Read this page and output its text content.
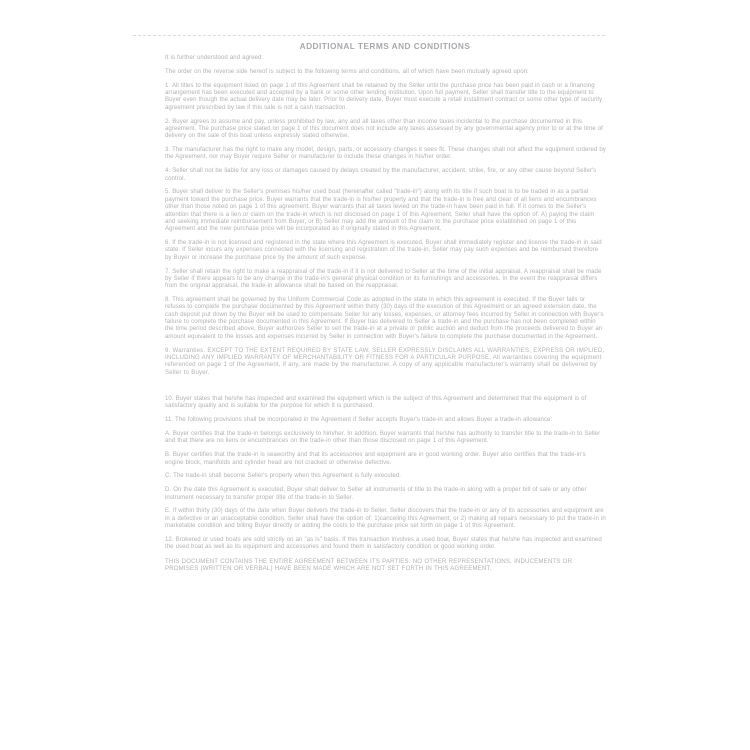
ADDITIONAL TERMS AND CONDITIONS

It is further understood and agreed:

The order on the reverse side hereof is subject to the following terms and conditions, all of which have been mutually agreed upon:

1. All titles to the equipment listed on page 1 of this Agreement shall be retained by the Seller until the purchase price has been paid in cash or a financing arrangement has been executed and accepted by a bank or some other lending institution. Upon full payment, Seller shall transfer title to the equipment to Buyer even though the actual delivery date may be later. Prior to delivery date, Buyer must execute a retail installment contract or some other type of security agreement prescribed by law if this sale is not a cash transaction.

2. Buyer agrees to assume and pay, unless prohibited by law, any and all taxes other than income taxes incidental to the purchase documented in this agreement. The purchase price stated on page 1 of this document does not include any taxes assessed by any governmental agency prior to or at the time of delivery on the sale of this boat unless expressly stated otherwise.

3. The manufacturer has the right to make any model, design, parts, or accessory changes it sees fit. These changes shall not affect the equipment ordered by the Agreement, nor may Buyer require Seller or manufacturer to include these changes in his/her order.

4. Seller shall not be liable for any loss or damages caused by delays created by the manufacturer, accident, strike, fire, or any other cause beyond Seller's control.

5. Buyer shall deliver to the Seller's premises his/her used boat (hereinafter called "trade-in") along with its title if such boat is to be traded in as a partial payment toward the purchase price. Buyer warrants that the trade-in is his/her property and that the trade-in is free and clear of all liens and encumbrances other than those noted on page 1 of this agreement. Buyer warrants that all taxes levied on the trade-in have been paid in full. If it comes to the Seller's attention that there is a lien or claim on the trade-in which is not disclosed on page 1 of this Agreement, Seller shall have the option of: A) paying the claim and seeking immediate reimbursement from Buyer, or B) Seller may add the amount of the claim to the purchase price established on page 1 of this Agreement and the new purchase price will be incorporated as if originally stated in this Agreement.

6. If the trade-in is not licensed and registered in the state where this Agreement is executed, Buyer shall immediately register and license the trade-in in said state. If Seller incurs any expenses connected with the licensing and registration of the trade-in, Seller may pay such expenses and be reimbursed therefore by Buyer or increase the purchase price by the amount of such expense.

7. Seller shall retain the right to make a reappraisal of the trade-in if it is not delivered to Seller at the time of the initial appraisal. A reappraisal shall be made by Seller if there appears to be any change in the trade-in's general physical condition or its furnishings and accessories. In the event the reappraisal differs from the original appraisal, the trade-in allowance shall be based on the reappraisal.

8. This agreement shall be governed by the Uniform Commercial Code as adopted in the state in which this agreement is executed. If the Buyer fails or refuses to complete the purchase documented by this Agreement within thirty (30) days of the execution of this Agreement or an agreed extension date, the cash deposit put down by the Buyer will be used to compensate Seller for any losses, expenses, or attorney fees incurred by Seller in connection with Buyer's failure to complete the purchase documented in this Agreement. If Buyer has delivered to Seller a trade-in and the purchase has not been completed within the time period described above, Buyer authorizes Seller to sell the trade-in at a private or public auction and deduct from the proceeds delivered to Buyer an amount equivalent to the losses and expenses incurred by Seller in connection with Buyer's failure to complete the purchase documented in the Agreement.

9. Warranties. EXCEPT TO THE EXTENT REQUIRED BY STATE LAW, SELLER EXPRESSLY DISCLAIMS ALL WARRANTIES, EXPRESS OR IMPLIED, INCLUDING ANY IMPLIED WARRANTY OF MERCHANTABILITY OR FITNESS FOR A PARTICULAR PURPOSE. All warranties covering the equipment referenced on page 1 of the Agreement, if any, are made by the manufacturer. A copy of any applicable manufacturer's warranty shall be delivered by Seller to Buyer.

10. Buyer states that he/she has inspected and examined the equipment which is the subject of this Agreement and determined that the equipment is of satisfactory quality and is suitable for the purpose for which it is purchased.

11. The following provisions shall be incorporated in the Agreement if Seller accepts Buyer's trade-in and allows Buyer a trade-in allowance:

A. Buyer certifies that the trade-in belongs exclusively to him/her. In addition, Buyer warrants that he/she has authority to transfer title to the trade-in to Seller and that there are no liens or encumbrances on the trade-in other than those disclosed on page 1 of this Agreement.

B. Buyer certifies that the trade-in is seaworthy and that its accessories and equipment are in good working order. Buyer also certifies that the trade-in's engine block, manifolds and cylinder head are not cracked or otherwise defective.

C. The trade-in shall become Seller's property when this Agreement is fully executed.

D. On the date this Agreement is executed, Buyer shall deliver to Seller all instruments of title to the trade-in along with a proper bill of sale or any other instrument necessary to transfer proper title of the trade-in to Seller.

E. If within thirty (30) days of the date when Buyer delivers the trade-in to Seller, Seller discovers that the trade-in or any of its accessories and equipment are in a defective or an unacceptable condition, Seller shall have the option of: 1)canceling this Agreement, or 2) making all repairs necessary to put the trade-in in marketable condition and billing Buyer directly or adding the costs to the purchase price set forth on page 1 of this Agreement.

12. Brokered or used boats are sold strictly on an "as is" basis. If this transaction involves a used boat, Buyer states that he/she has inspected and examined the used boat as well as its equipment and accessories and found them in satisfactory condition or good working order.

THIS DOCUMENT CONTAINS THE ENTIRE AGREEMENT BETWEEN ITS PARTIES. NO OTHER REPRESENTATIONS, INDUCEMENTS OR PROMISES (WRITTEN OR VERBAL) HAVE BEEN MADE WHICH ARE NOT SET FORTH IN THIS AGREEMENT.
